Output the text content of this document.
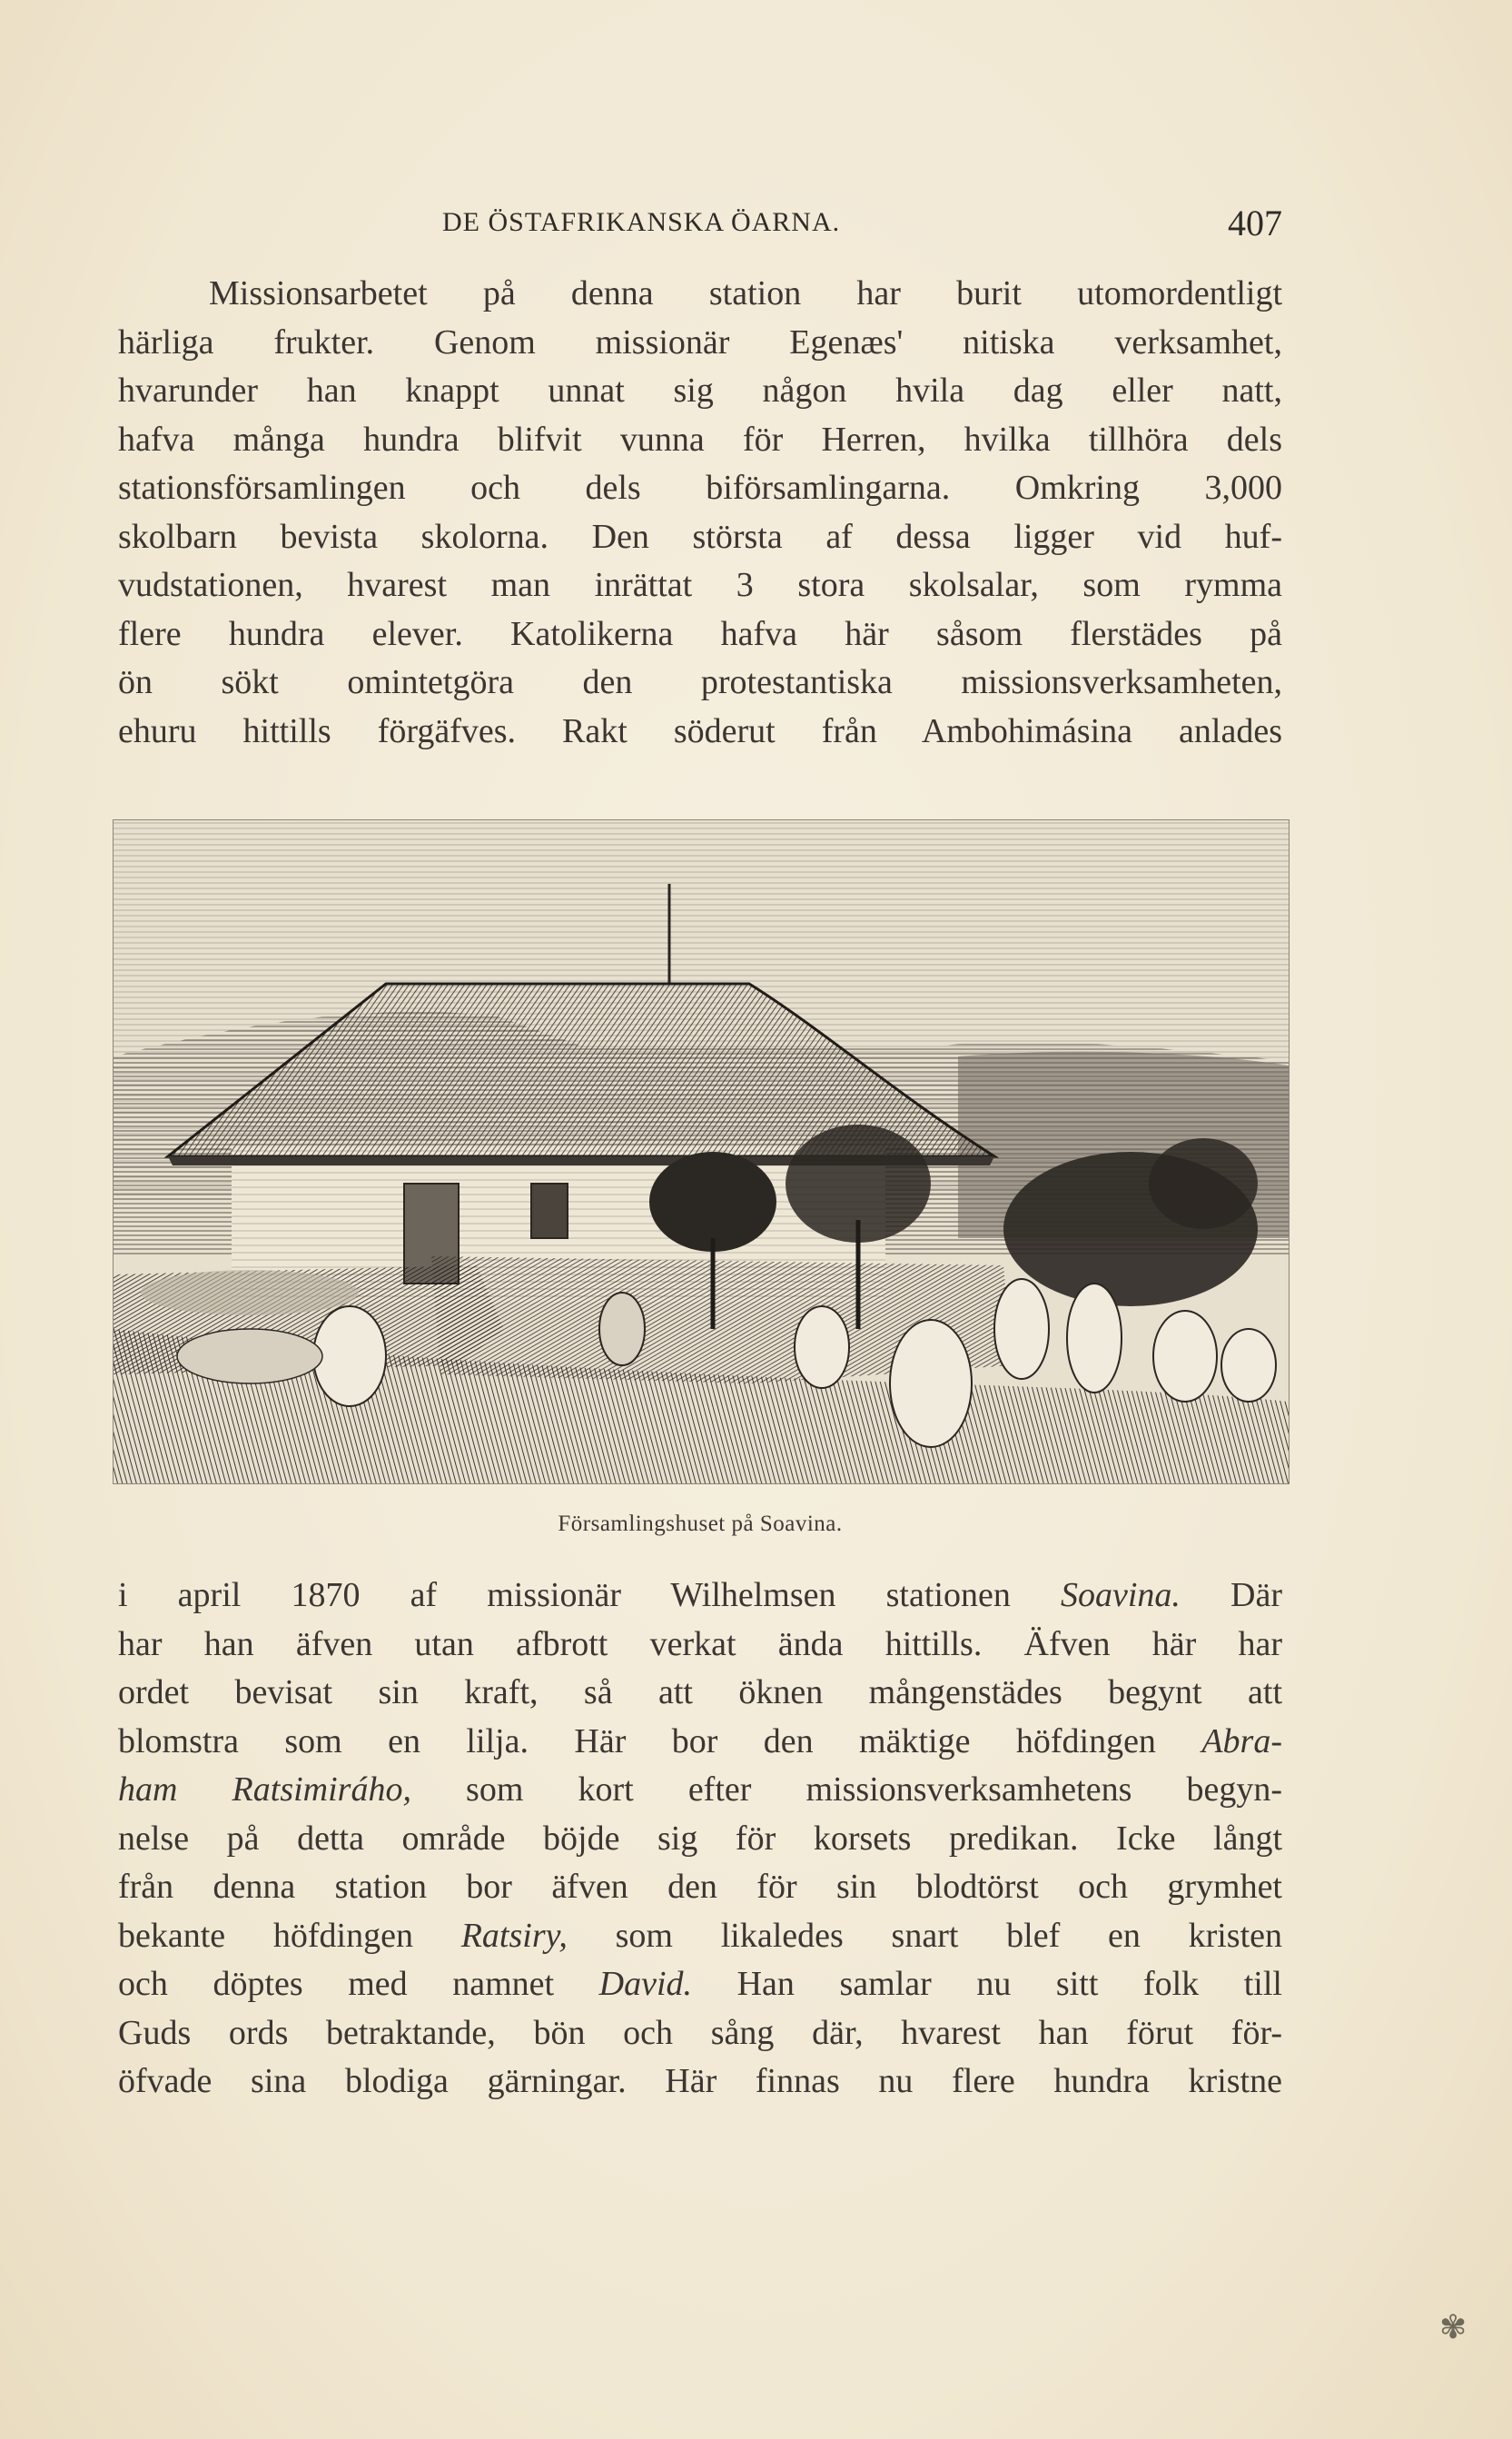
DE ÖSTAFRIKANSKA ÖARNA.	407
Missionsarbetet på denna station har burit utomordentligt
härliga frukter. Genom missionär Egenæs' nitiska verksamhet,
hvarunder han knappt unnat sig någon hvila dag eller natt,
hafva många hundra blifvit vunna för Herren, hvilka tillhöra dels
stationsförsamlingen och dels biförsamlingarna. Omkring 3,000
skolbarn bevista skolorna. Den största af dessa ligger vid huf-
vudstationen, hvarest man inrättat 3 stora skolsalar, som rymma
flere hundra elever. Katolikerna hafva här såsom flerstädes på
ön sökt omintetgöra den protestantiska missionsverksamheten,
ehuru hittills förgäfves. Rakt söderut från Ambohimásina anlades
Församlingshuset på Soavina.
i april 1870 af missionär Wilhelmsen stationen Soavina. Där
har han äfven utan afbrott verkat ända hittills. Äfven här har
ordet bevisat sin kraft, så att öknen mångenstädes begynt att
blomstra som en lilja. Här bor den mäktige höfdingen Abra-
ham Ratsimiráho, som kort efter missionsverksamhetens begyn-
nelse på detta område böjde sig för korsets predikan. Icke långt
från denna station bor äfven den för sin blodtörst och grymhet
bekante höfdingen Ratsiry, som likaledes snart blef en kristen
och döptes med namnet David. Han samlar nu sitt folk till
Guds ords betraktande, bön och sång där, hvarest han förut för-
öfvade sina blodiga gärningar. Här finnas nu flere hundra kristne
✾
